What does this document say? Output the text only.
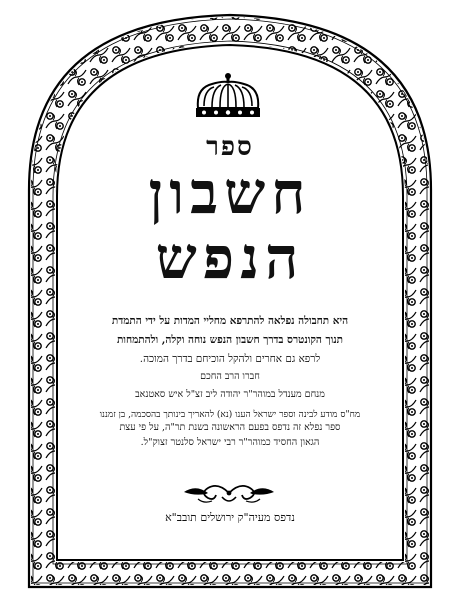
ספר
חשבון
הנפש
היא תחבולה נפלאה להתרפא מחליי המדות על ידי התמדת
תנוך הקונטרס בדרך חשבון הנפש נוחה וקלה, ולהתמחות
לרפא גם אחרים ולהקל הוכיחם בדרך המוכה.
חברו הרב החכם
מנחם מענדל במוהר"ר יהודה ליב זצ"ל איש סאטנאב
מח"ס מודע לבינה וספר ישראל הענו (נא) להאריך בינותך בהסכמה, בן זמננו
ספר נפלא זה נדפס בפעם הראשונה בשנת תר"ה, על פי עצת
הגאון החסיד כמוהר"ר רבי ישראל סלנטר זצוק"ל.
נדפס מעיה"ק ירושלים תובב"א
